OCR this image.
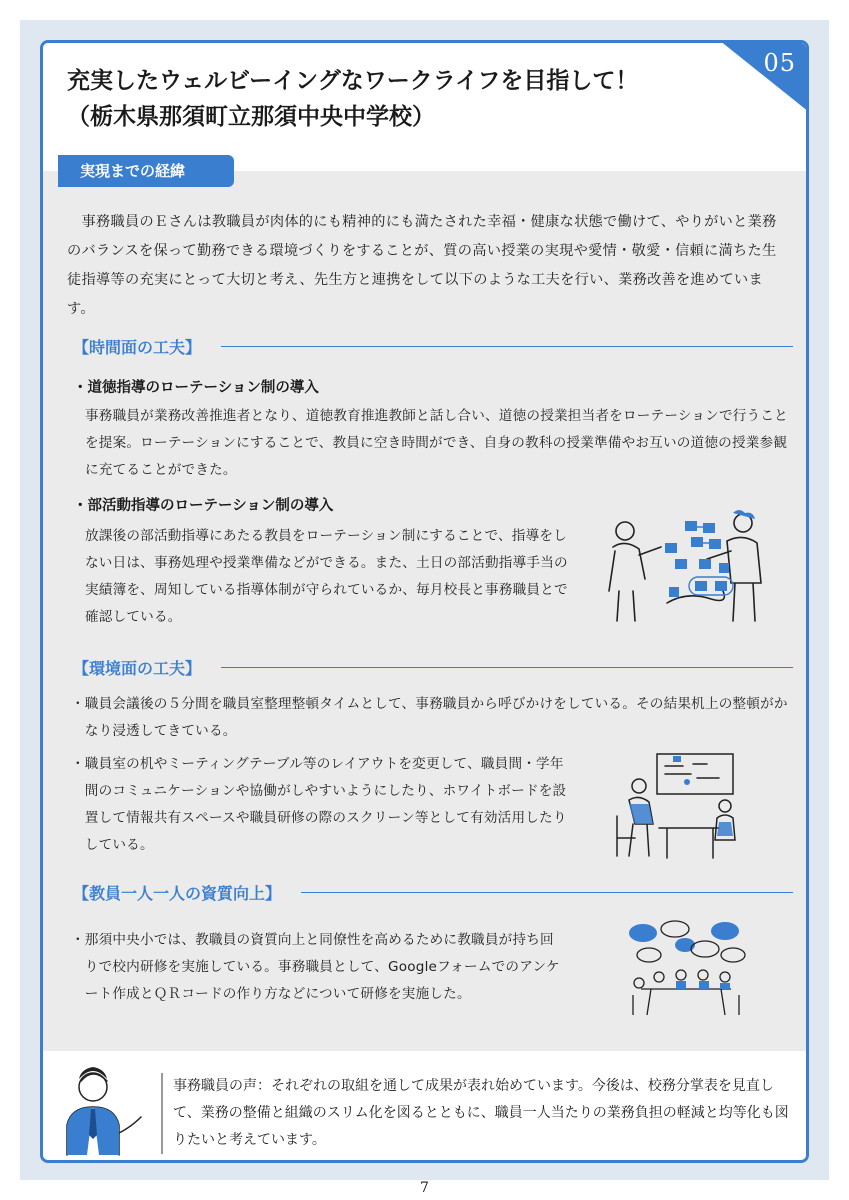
充実したウェルビーイングなワークライフを目指して！
（栃木県那須町立那須中央中学校）
05
実現までの経緯
　事務職員のＥさんは教職員が肉体的にも精神的にも満たされた幸福・健康な状態で働けて、やりがいと業務のバランスを保って勤務できる環境づくりをすることが、質の高い授業の実現や愛情・敬愛・信頼に満ちた生徒指導等の充実にとって大切と考え、先生方と連携をして以下のような工夫を行い、業務改善を進めています。
【時間面の工夫】
・道徳指導のローテーション制の導入
事務職員が業務改善推進者となり、道徳教育推進教師と話し合い、道徳の授業担当者をローテーションで行うことを提案。ローテーションにすることで、教員に空き時間ができ、自身の教科の授業準備やお互いの道徳の授業参観に充てることができた。
・部活動指導のローテーション制の導入
放課後の部活動指導にあたる教員をローテーション制にすることで、指導をしない日は、事務処理や授業準備などができる。また、土日の部活動指導手当の実績簿を、周知している指導体制が守られているか、毎月校長と事務職員とで確認している。
【環境面の工夫】
・ 職員会議後の５分間を職員室整理整頓タイムとして、事務職員から呼びかけをしている。その結果机上の整頓がかなり浸透してきている。
・ 職員室の机やミーティングテーブル等のレイアウトを変更して、職員間・学年間のコミュニケーションや協働がしやすいようにしたり、ホワイトボードを設置して情報共有スペースや職員研修の際のスクリーン等として有効活用したりしている。
【教員一人一人の資質向上】
・ 那須中央小では、教職員の資質向上と同僚性を高めるために教職員が持ち回りで校内研修を実施している。事務職員として、Googleフォームでのアンケート作成とＱＲコードの作り方などについて研修を実施した。
事務職員の声：それぞれの取組を通して成果が表れ始めています。今後は、校務分掌表を見直して、業務の整備と組織のスリム化を図るとともに、職員一人当たりの業務負担の軽減と均等化も図りたいと考えています。
7
